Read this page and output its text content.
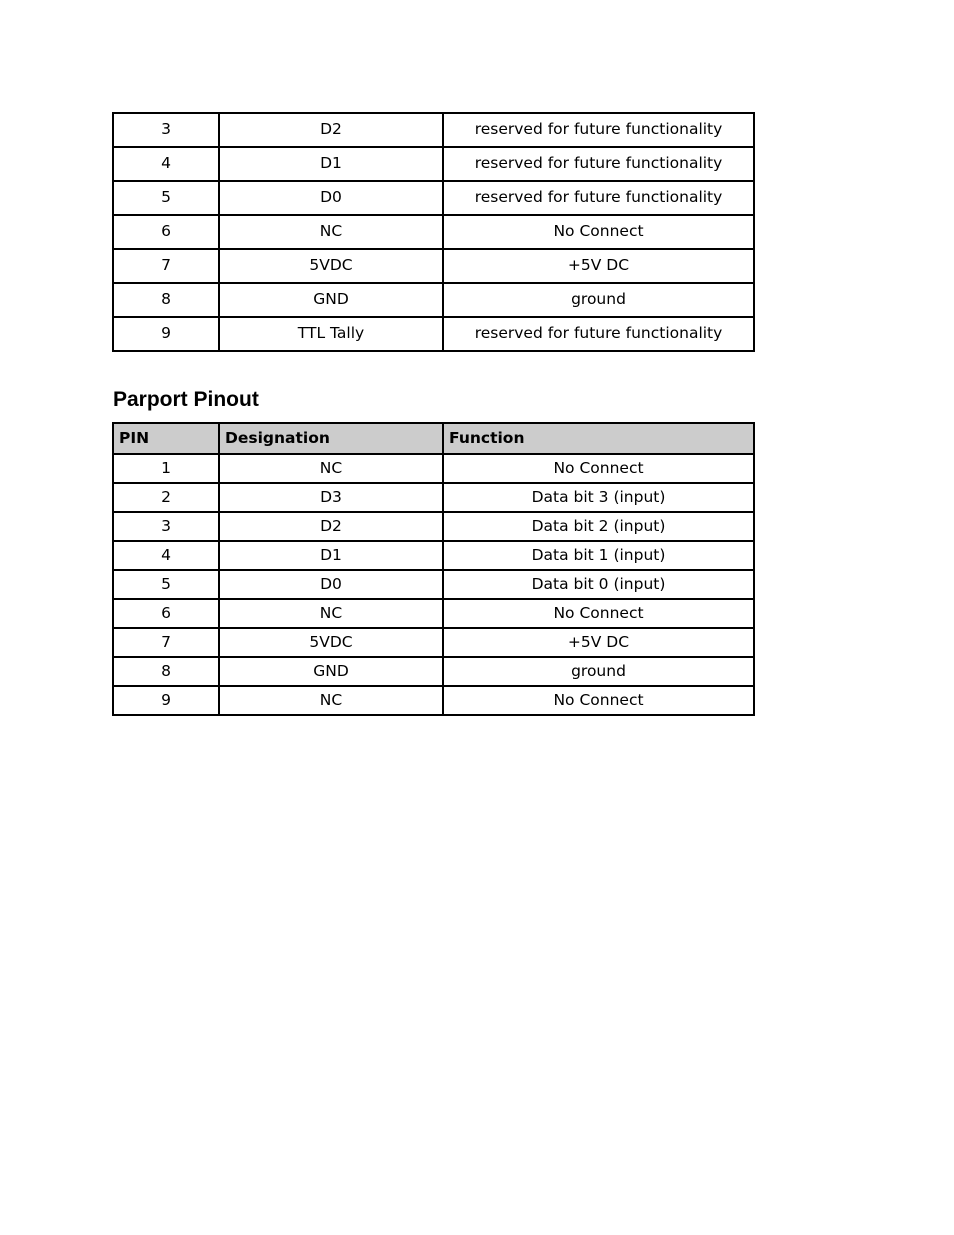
3	D2	reserved for future functionality
4	D1	reserved for future functionality
5	D0	reserved for future functionality
6	NC	No Connect
7	5VDC	+5V DC
8	GND	ground
9	TTL Tally	reserved for future functionality
Parport Pinout
PIN	Designation	Function
1	NC	No Connect
2	D3	Data bit 3 (input)
3	D2	Data bit 2 (input)
4	D1	Data bit 1 (input)
5	D0	Data bit 0 (input)
6	NC	No Connect
7	5VDC	+5V DC
8	GND	ground
9	NC	No Connect
